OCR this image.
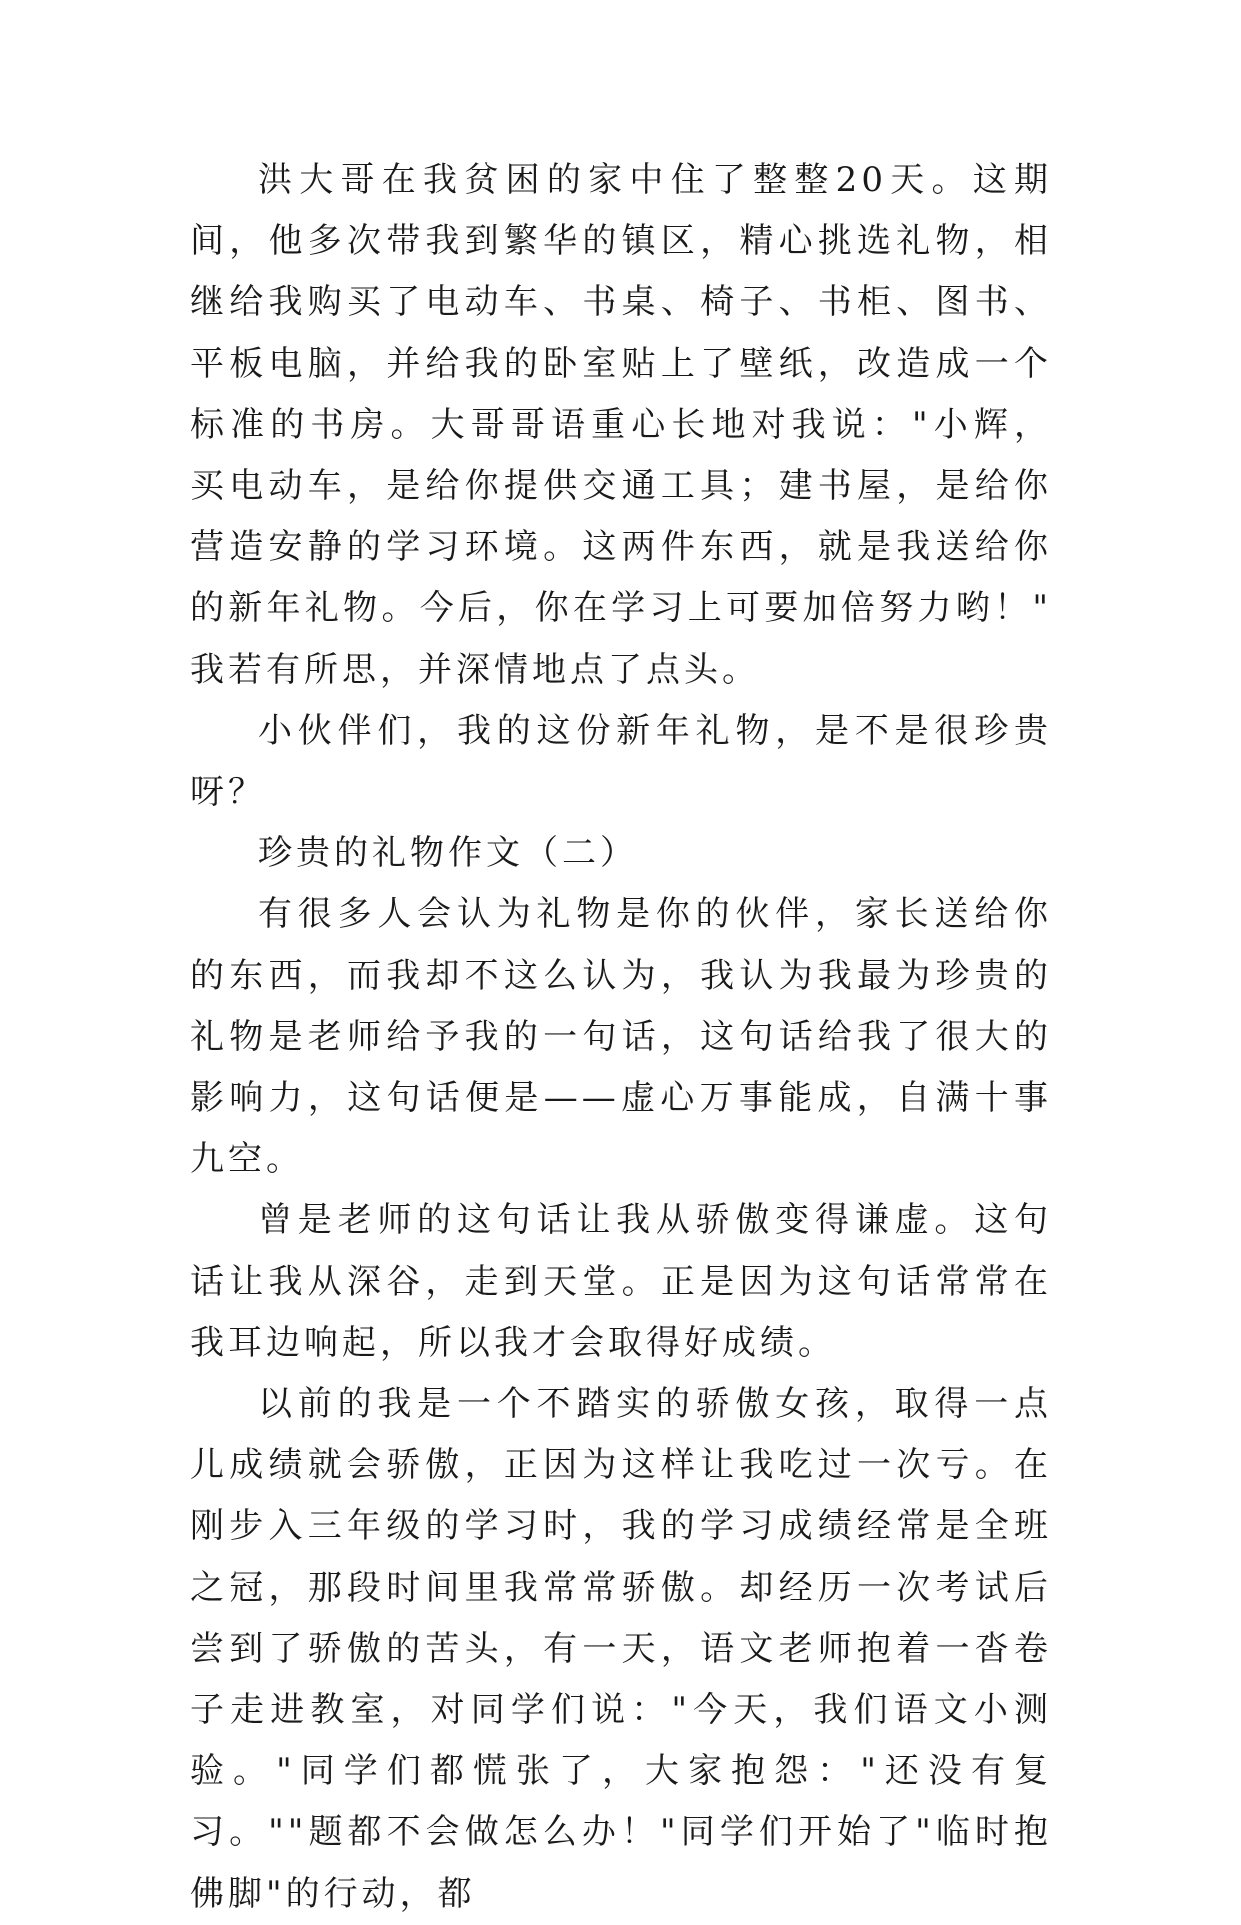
洪大哥在我贫困的家中住了整整20天。这期间，他多次带我到繁华的镇区，精心挑选礼物，相继给我购买了电动车、书桌、椅子、书柜、图书、平板电脑，并给我的卧室贴上了壁纸，改造成一个标准的书房。大哥哥语重心长地对我说："小辉， 买电动车，是给你提供交通工具；建书屋，是给你营造安静的学习环境。这两件东西，就是我送给你的新年礼物。今后，你在学习上可要加倍努力哟！" 我若有所思，并深情地点了点头。

小伙伴们，我的这份新年礼物，是不是很珍贵呀？

珍贵的礼物作文（二）

有很多人会认为礼物是你的伙伴，家长送给你的东西，而我却不这么认为，我认为我最为珍贵的礼物是老师给予我的一句话，这句话给我了很大的影响力，这句话便是——虚心万事能成，自满十事九空。

曾是老师的这句话让我从骄傲变得谦虚。这句话让我从深谷，走到天堂。正是因为这句话常常在我耳边响起，所以我才会取得好成绩。

以前的我是一个不踏实的骄傲女孩，取得一点儿成绩就会骄傲，正因为这样让我吃过一次亏。在刚步入三年级的学习时，我的学习成绩经常是全班之冠，那段时间里我常常骄傲。却经历一次考试后尝到了骄傲的苦头，有一天，语文老师抱着一沓卷子走进教室，对同学们说："今天，我们语文小测验。"同学们都慌张了，大家抱怨："还没有复习。""题都不会做怎么办！"同学们开始了"临时抱佛脚"的行动，都
